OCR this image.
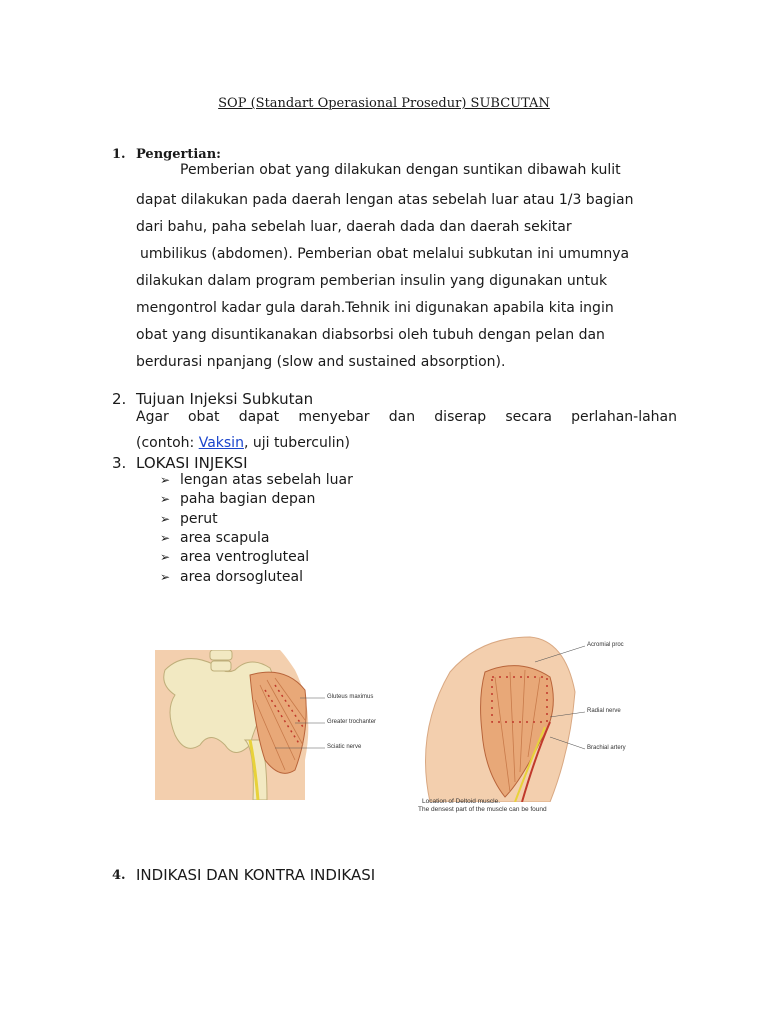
SOP (Standart Operasional Prosedur) SUBCUTAN
1. Pengertian:
Pemberian obat yang dilakukan dengan suntikan dibawah kulit
dapat dilakukan pada daerah lengan atas sebelah luar atau 1/3 bagian
dari bahu, paha sebelah luar, daerah dada dan daerah sekitar
umbilikus (abdomen). Pemberian obat melalui subkutan ini umumnya
dilakukan dalam program pemberian insulin yang digunakan untuk
mengontrol kadar gula darah.Tehnik ini digunakan apabila kita ingin
obat yang disuntikanakan diabsorbsi oleh tubuh dengan pelan dan
berdurasi npanjang (slow and sustained absorption).
2. Tujuan Injeksi Subkutan
Agar obat dapat menyebar dan diserap secara perlahan-lahan
(contoh: Vaksin, uji tuberculin)
3. LOKASI INJEKSI
➢ lengan atas sebelah luar
➢ paha bagian depan
➢ perut
➢ area scapula
➢ area ventrogluteal
➢ area dorsogluteal
Gluteus maximus
Greater trochanter
Sciatic nerve
Acromial proc
Radial nerve
Brachial artery
Location of Deltoid muscle.
The densest part of the muscle can be found
4. INDIKASI DAN KONTRA INDIKASI
